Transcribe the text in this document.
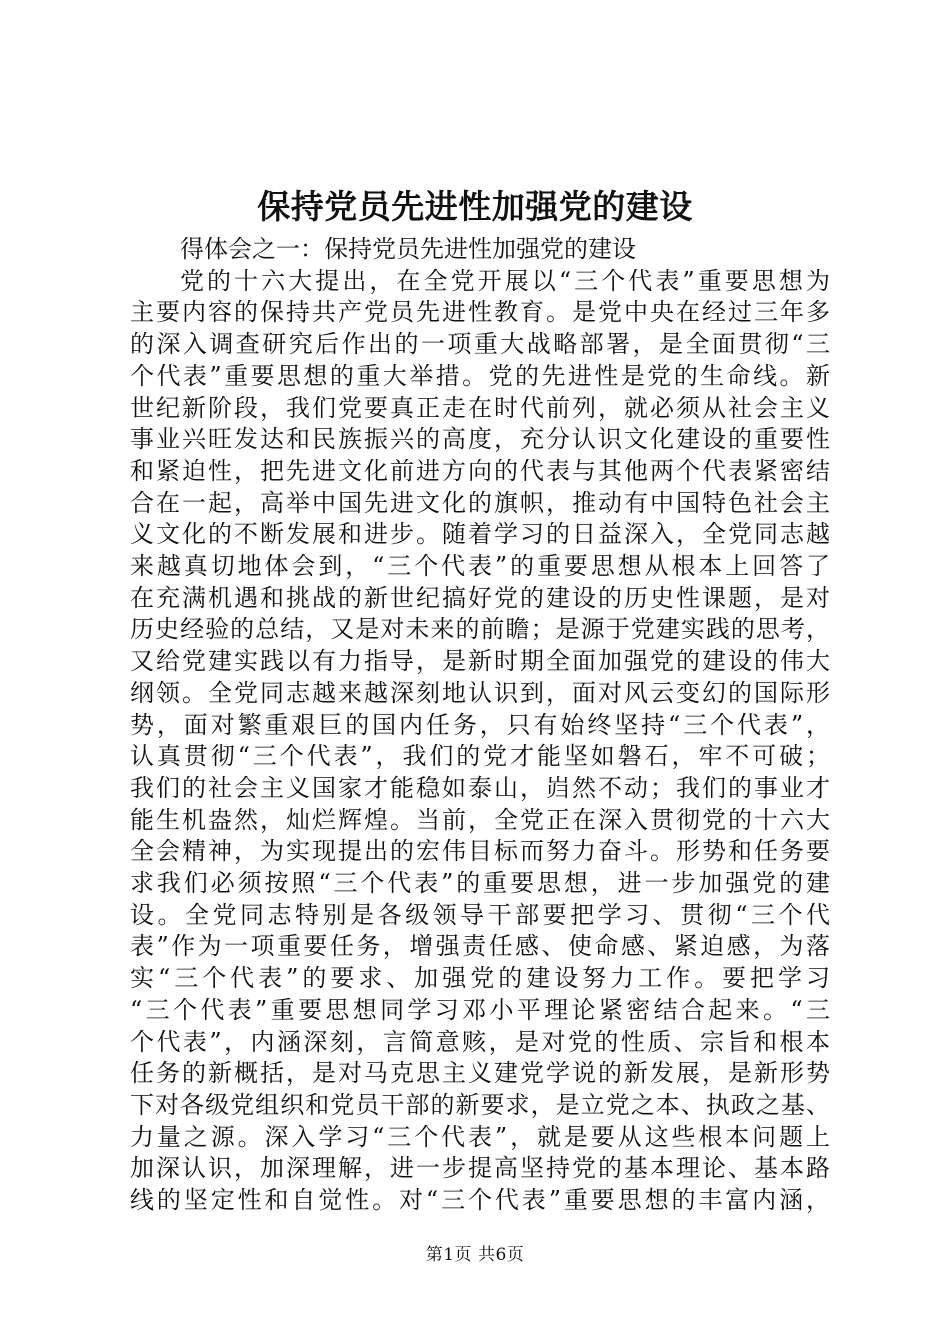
保持党员先进性加强党的建设
得体会之一：保持党员先进性加强党的建设
党的十六大提出，在全党开展以“三个代表”重要思想为
主要内容的保持共产党员先进性教育。是党中央在经过三年多
的深入调查研究后作出的一项重大战略部署，是全面贯彻“三
个代表”重要思想的重大举措。党的先进性是党的生命线。新
世纪新阶段，我们党要真正走在时代前列，就必须从社会主义
事业兴旺发达和民族振兴的高度，充分认识文化建设的重要性
和紧迫性，把先进文化前进方向的代表与其他两个代表紧密结
合在一起，高举中国先进文化的旗帜，推动有中国特色社会主
义文化的不断发展和进步。随着学习的日益深入，全党同志越
来越真切地体会到，“三个代表”的重要思想从根本上回答了
在充满机遇和挑战的新世纪搞好党的建设的历史性课题，是对
历史经验的总结，又是对未来的前瞻；是源于党建实践的思考，
又给党建实践以有力指导，是新时期全面加强党的建设的伟大
纲领。全党同志越来越深刻地认识到，面对风云变幻的国际形
势，面对繁重艰巨的国内任务，只有始终坚持“三个代表”，
认真贯彻“三个代表”，我们的党才能坚如磐石，牢不可破；
我们的社会主义国家才能稳如泰山，岿然不动；我们的事业才
能生机盎然，灿烂辉煌。当前，全党正在深入贯彻党的十六大
全会精神，为实现提出的宏伟目标而努力奋斗。形势和任务要
求我们必须按照“三个代表”的重要思想，进一步加强党的建
设。全党同志特别是各级领导干部要把学习、贯彻“三个代
表”作为一项重要任务，增强责任感、使命感、紧迫感，为落
实“三个代表”的要求、加强党的建设努力工作。要把学习
“三个代表”重要思想同学习邓小平理论紧密结合起来。“三
个代表”，内涵深刻，言简意赅，是对党的性质、宗旨和根本
任务的新概括，是对马克思主义建党学说的新发展，是新形势
下对各级党组织和党员干部的新要求，是立党之本、执政之基、
力量之源。深入学习“三个代表”，就是要从这些根本问题上
加深认识，加深理解，进一步提高坚持党的基本理论、基本路
线的坚定性和自觉性。对“三个代表”重要思想的丰富内涵，
第1页 共6页
